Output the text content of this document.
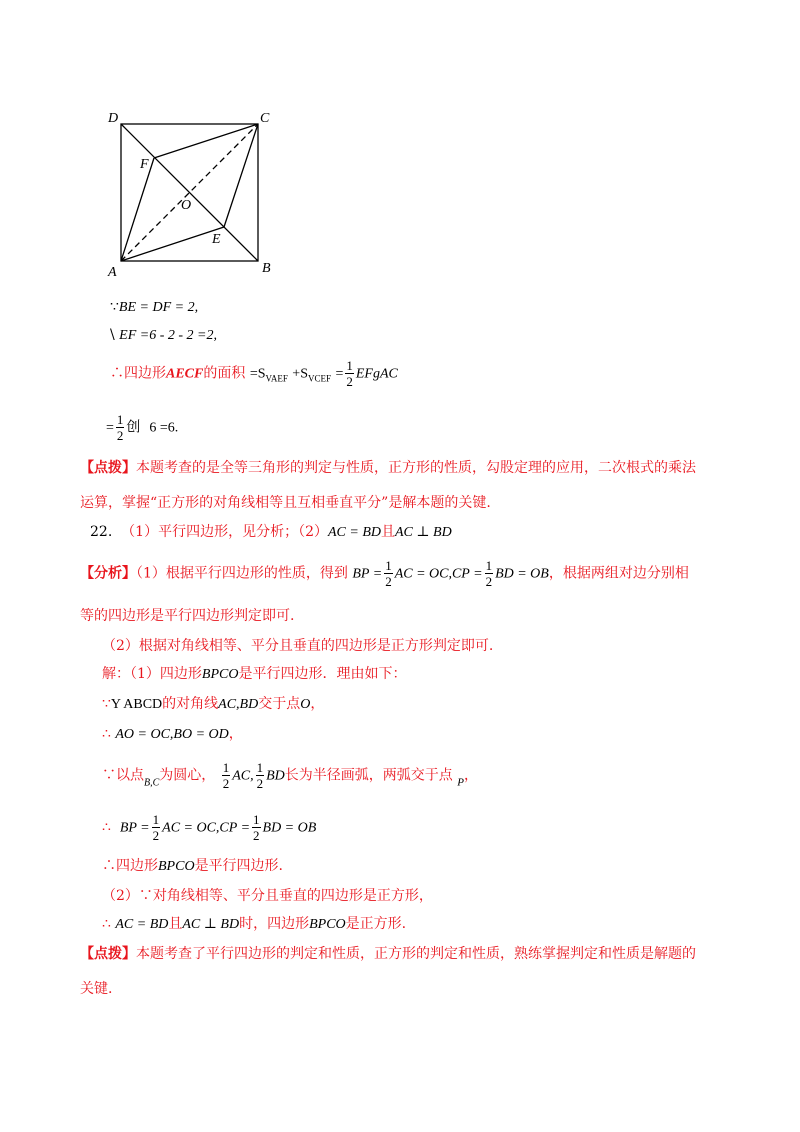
D	C
F
O
E
A	B
∵BE = DF = 2,
\ EF =6 - 2 - 2 =2,
∴四边形AECF的面积 $=S_{VAEF} +S_{VCEF} = \frac{1}{2}$ EFgAC
= $\frac{1}{2}$ 创 6 =6.
【点拨】本题考查的是全等三角形的判定与性质，正方形的性质，勾股定理的应用，二次根式的乘法
运算，掌握“正方形的对角线相等且互相垂直平分”是解本题的关键.
22. （1）平行四边形，见分析；（2）AC = BD且AC ⊥ BD
【分析】（1）根据平行四边形的性质，得到 BP = $\frac{1}{2}$ AC = $OC,CP = \frac{1}{2}$ BD = OB，根据两组对边分别相
等的四边形是平行四边形判定即可.
（2）根据对角线相等、平分且垂直的四边形是正方形判定即可.
解：（1）四边形BPCO是平行四边形．理由如下：
∵Y ABCD的对角线AC,BD交于点O，
∴ AO = OC,BO = OD，
∵以点$_{B,C}$为圆心， $\frac{1}{2}$ AC, $\frac{1}{2}$ BD长为半径画弧，两弧交于点 $_P$，
∴ BP = $\frac{1}{2}$ AC = $OC,CP = \frac{1}{2}$ BD = OB
∴四边形BPCO是平行四边形.
（2）∵对角线相等、平分且垂直的四边形是正方形，
∴ AC = BD且AC ⊥ BD时，四边形BPCO是正方形.
【点拨】本题考查了平行四边形的判定和性质，正方形的判定和性质，熟练掌握判定和性质是解题的
关键.
